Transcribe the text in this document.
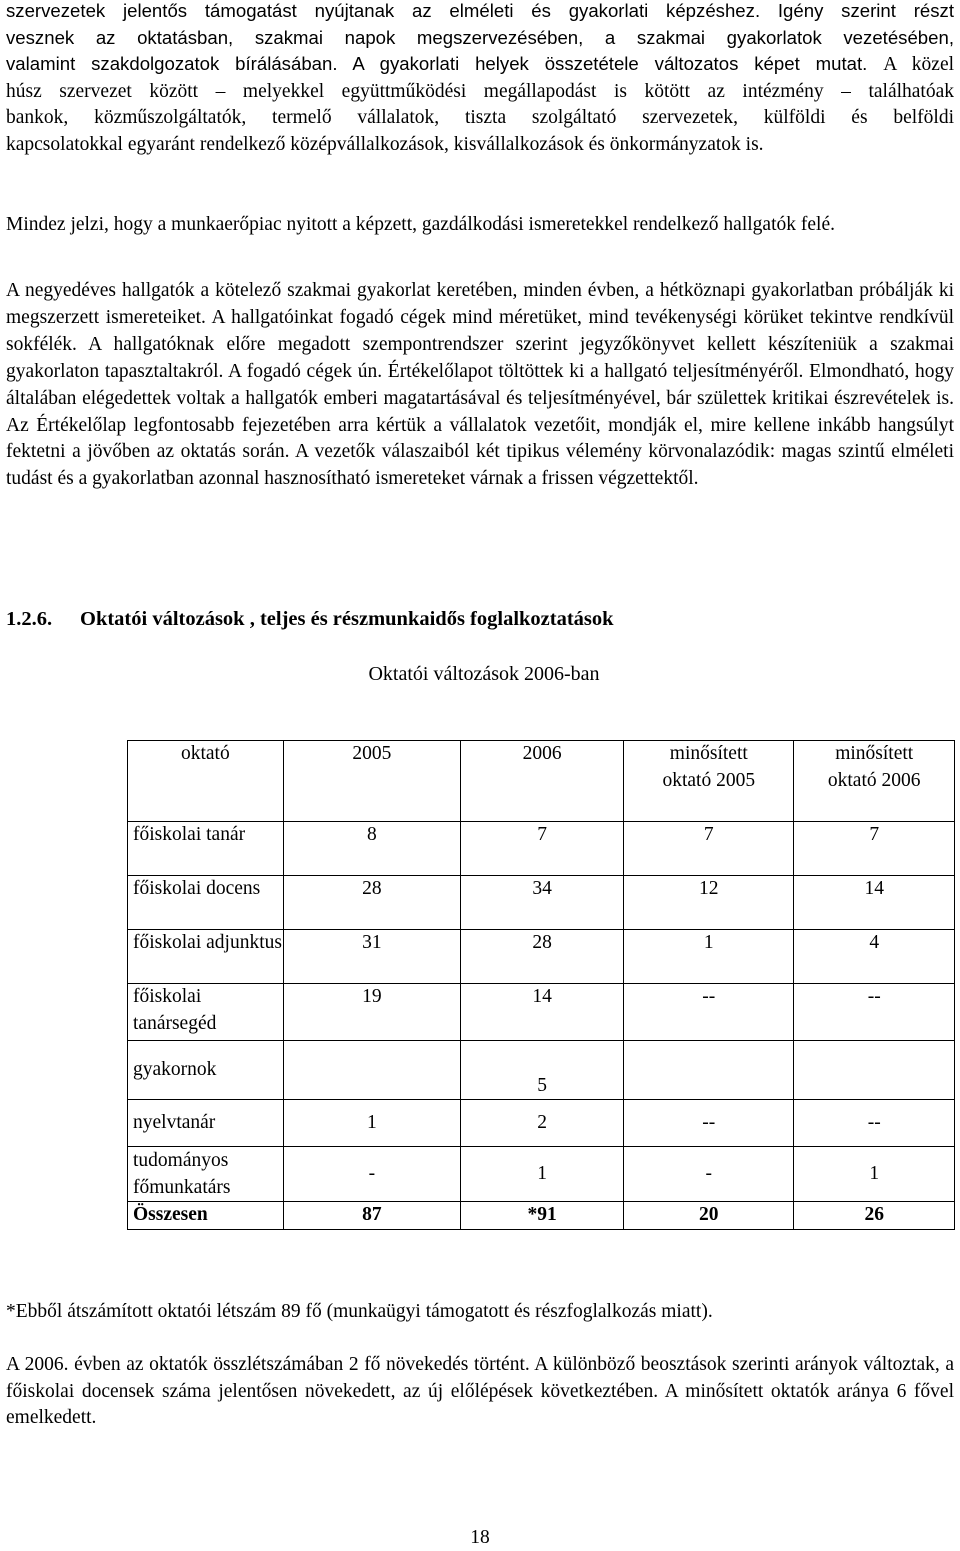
szervezetek jelentős támogatást nyújtanak az elméleti és gyakorlati képzéshez. Igény szerint részt

vesznek az oktatásban, szakmai napok megszervezésében, a szakmai gyakorlatok vezetésében,

valamint szakdolgozatok bírálásában. A gyakorlati helyek összetétele változatos képet mutat. A közel

húsz szervezet között – melyekkel együttműködési megállapodást is kötött az intézmény – találhatóak

bankok, közműszolgáltatók, termelő vállalatok, tiszta szolgáltató szervezetek, külföldi és belföldi

kapcsolatokkal egyaránt rendelkező középvállalkozások, kisvállalkozások és önkormányzatok is.

Mindez jelzi, hogy a munkaerőpiac nyitott a képzett, gazdálkodási ismeretekkel rendelkező hallgatók felé.

A negyedéves hallgatók a kötelező szakmai gyakorlat keretében, minden évben, a hétköznapi gyakorlatban próbálják ki megszerzett ismereteiket. A hallgatóinkat fogadó cégek mind méretüket, mind tevékenységi körüket tekintve rendkívül sokfélék. A hallgatóknak előre megadott szempontrendszer szerint jegyzőkönyvet kellett készíteniük a szakmai gyakorlaton tapasztaltakról. A fogadó cégek ún. Értékelőlapot töltöttek ki a hallgató teljesítményéről. Elmondható, hogy általában elégedettek voltak a hallgatók emberi magatartásával és teljesítményével, bár születtek kritikai észrevételek is. Az Értékelőlap legfontosabb fejezetében arra kértük a vállalatok vezetőit, mondják el, mire kellene inkább hangsúlyt fektetni a jövőben az oktatás során. A vezetők válaszaiból két tipikus vélemény körvonalazódik: magas szintű elméleti tudást és a gyakorlatban azonnal hasznosítható ismereteket várnak a frissen végzettektől.

1.2.6. Oktatói változások , teljes és részmunkaidős foglalkoztatások
Oktatói változások 2006-ban
oktató	2005	2006	minősített oktató 2005	minősített oktató 2006
főiskolai tanár	8	7	7	7
főiskolai docens	28	34	12	14
főiskolai adjunktus	31	28	1	4
főiskolai tanársegéd	19	14	--	--
gyakornok		5		
nyelvtanár	1	2	--	--
tudományos főmunkatárs	-	1	-	1
Összesen	87	*91	20	26

*Ebből átszámított oktatói létszám 89 fő (munkaügyi támogatott és részfoglalkozás miatt).

A 2006. évben az oktatók összlétszámában 2 fő növekedés történt. A különböző beosztások szerinti arányok változtak, a főiskolai docensek száma jelentősen növekedett, az új előlépések következtében. A minősített oktatók aránya 6 fővel emelkedett.

18
